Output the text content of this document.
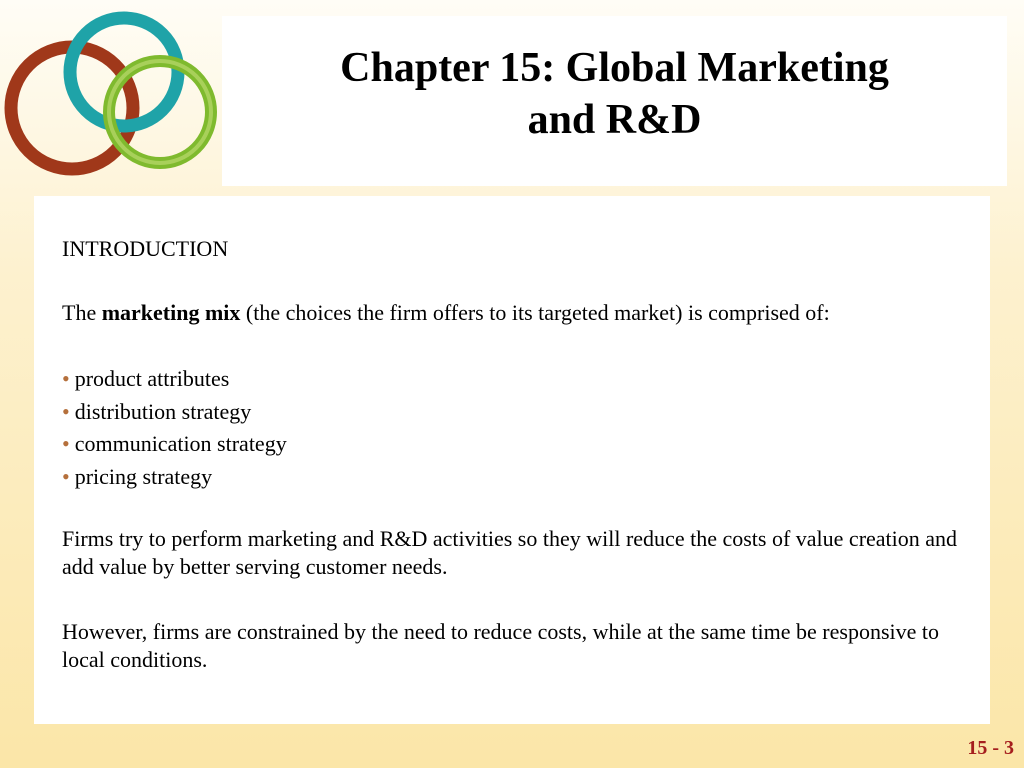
Chapter 15: Global Marketing
and R&D

INTRODUCTION

The marketing mix (the choices the firm offers to its targeted market) is comprised of:

• product attributes
• distribution strategy
• communication strategy
• pricing strategy

Firms try to perform marketing and R&D activities so they will reduce the costs of value creation and add value by better serving customer needs.

However, firms are constrained by the need to reduce costs, while at the same time be responsive to local conditions.

15 - 3
